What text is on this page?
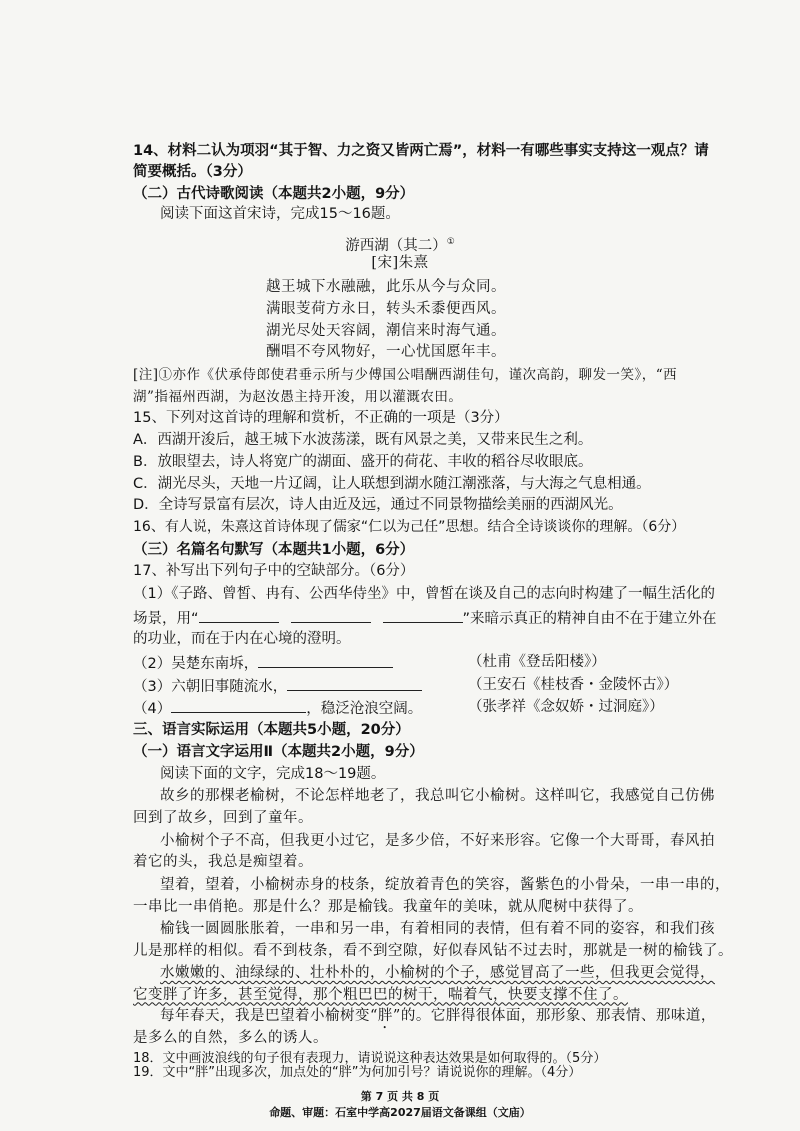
14、材料二认为项羽“其于智、力之资又皆两亡焉”，材料一有哪些事实支持这一观点？请
简要概括。（3分）
（二）古代诗歌阅读（本题共2小题，9分）
阅读下面这首宋诗，完成15～16题。
游西湖（其二）①
[宋]朱熹
越王城下水融融，此乐从今与众同。
满眼芰荷方永日，转头禾黍便西风。
湖光尽处天容阔，潮信来时海气通。
酬唱不夸风物好，一心忧国愿年丰。
[注]①亦作《伏承侍郎使君垂示所与少傅国公唱酬西湖佳句，谨次高韵，聊发一笑》，“西
湖”指福州西湖，为赵汝愚主持开浚，用以灌溉农田。
15、下列对这首诗的理解和赏析，不正确的一项是（3分）
A．西湖开浚后，越王城下水波荡漾，既有风景之美，又带来民生之利。
B．放眼望去，诗人将宽广的湖面、盛开的荷花、丰收的稻谷尽收眼底。
C．湖光尽头，天地一片辽阔，让人联想到湖水随江潮涨落，与大海之气息相通。
D．全诗写景富有层次，诗人由近及远，通过不同景物描绘美丽的西湖风光。
16、有人说，朱熹这首诗体现了儒家“仁以为己任”思想。结合全诗谈谈你的理解。（6分）
（三）名篇名句默写（本题共1小题，6分）
17、补写出下列句子中的空缺部分。（6分）
（1）《子路、曾皙、冉有、公西华侍坐》中，曾皙在谈及自己的志向时构建了一幅生活化的
场景，用“	”来暗示真正的精神自由不在于建立外在
的功业，而在于内在心境的澄明。
（2）吴楚东南坼，	（杜甫《登岳阳楼》）
（3）六朝旧事随流水，	（王安石《桂枝香・金陵怀古》）
（4）	，稳泛沧浪空阔。	（张孝祥《念奴娇・过洞庭》）
三、语言实际运用（本题共5小题，20分）
（一）语言文字运用Ⅱ（本题共2小题，9分）
阅读下面的文字，完成18～19题。
故乡的那棵老榆树，不论怎样地老了，我总叫它小榆树。这样叫它，我感觉自己仿佛
回到了故乡，回到了童年。
小榆树个子不高，但我更小过它，是多少倍，不好来形容。它像一个大哥哥，春风拍
着它的头，我总是痴望着。
望着，望着，小榆树赤身的枝条，绽放着青色的笑容，酱紫色的小骨朵，一串一串的，
一串比一串俏艳。那是什么？那是榆钱。我童年的美味，就从爬树中获得了。
榆钱一圆圆胀胀着，一串和另一串，有着相同的表情，但有着不同的姿容，和我们孩
儿是那样的相似。看不到枝条，看不到空隙，好似春风钻不过去时，那就是一树的榆钱了。
水嫩嫩的、油绿绿的、壮朴朴的，小榆树的个子，感觉冒高了一些，但我更会觉得，
它变胖了许多，甚至觉得，那个粗巴巴的树干，喘着气，快要支撑不住了。
每年春天，我是巴望着小榆树变“胖”的。它胖得很体面，那形象、那表情、那味道，
是多么的自然，多么的诱人。
18．文中画波浪线的句子很有表现力，请说说这种表达效果是如何取得的。（5分）
19．文中“胖”出现多次，加点处的“胖”为何加引号？请说说你的理解。（4分）
第 7 页 共 8 页
命题、审题：石室中学高2027届语文备课组（文庙）
